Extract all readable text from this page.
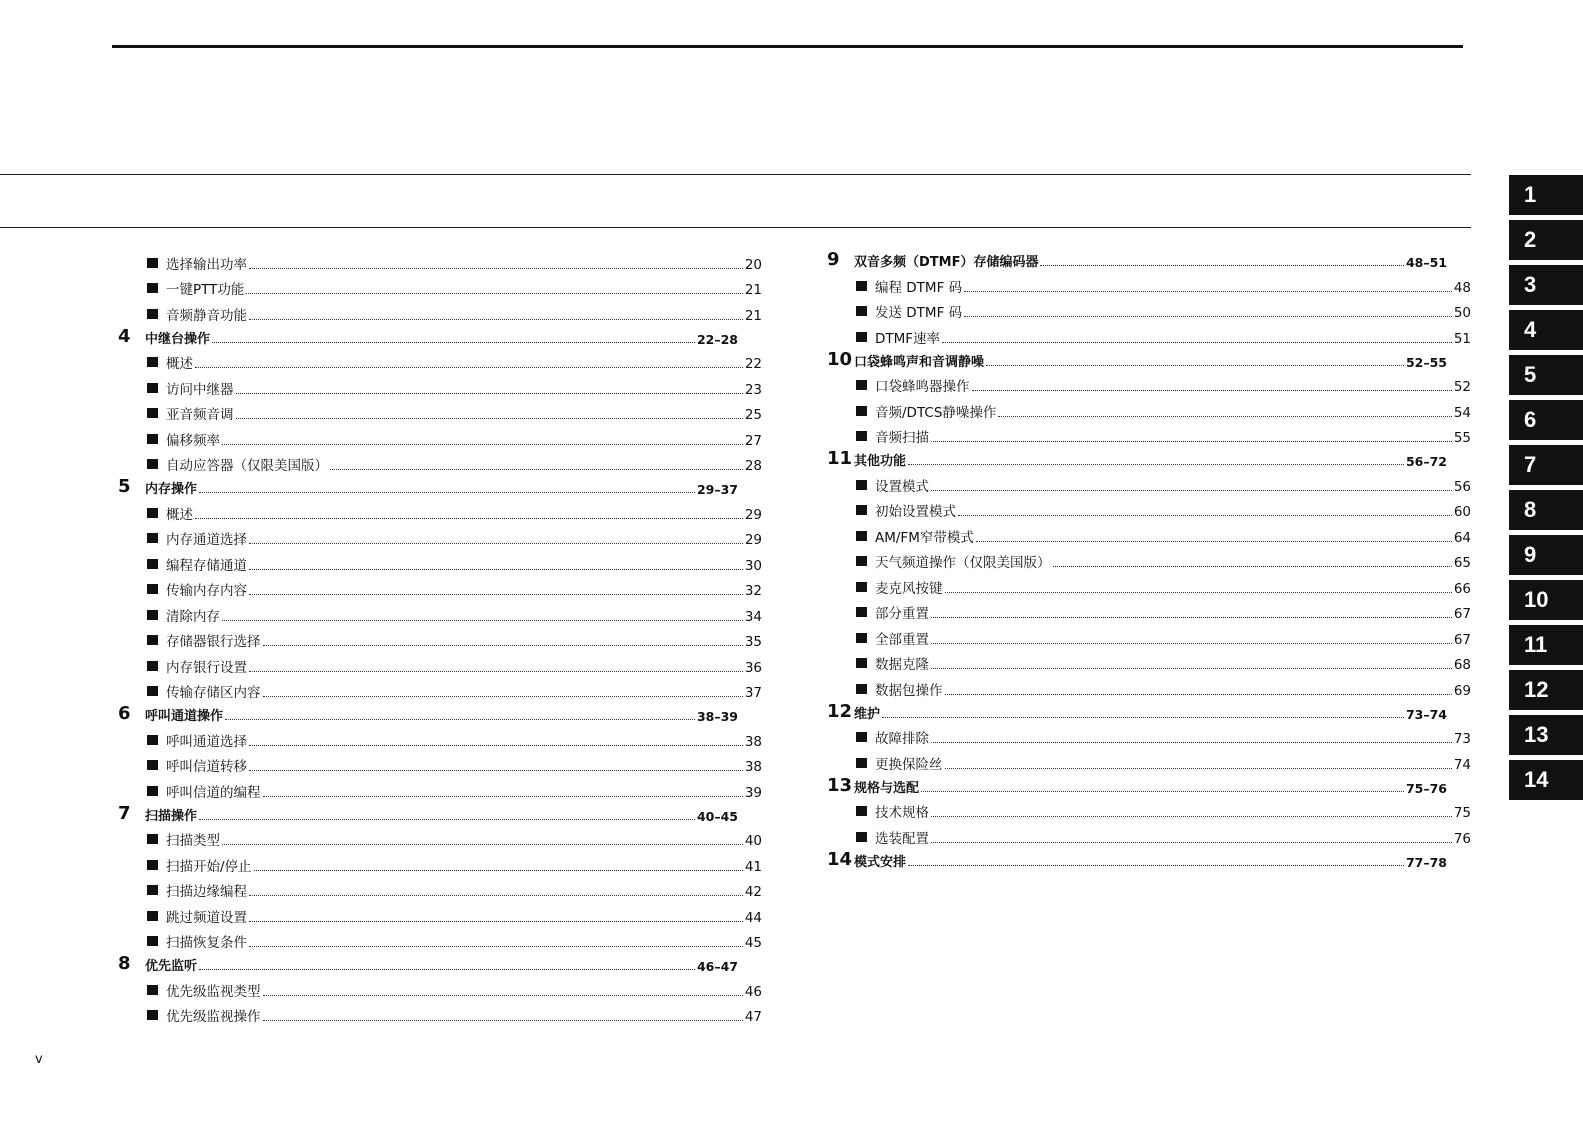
选择输出功率	20
一键PTT功能	21
音频静音功能	21
4	中继台操作	22–28
概述	22
访问中继器	23
亚音频音调	25
偏移频率	27
自动应答器（仅限美国版）	28
5	内存操作	29–37
概述	29
内存通道选择	29
编程存储通道	30
传输内存内容	32
清除内存	34
存储器银行选择	35
内存银行设置	36
传输存储区内容	37
6	呼叫通道操作	38–39
呼叫通道选择	38
呼叫信道转移	38
呼叫信道的编程	39
7	扫描操作	40–45
扫描类型	40
扫描开始/停止	41
扫描边缘编程	42
跳过频道设置	44
扫描恢复条件	45
8	优先监听	46–47
优先级监视类型	46
优先级监视操作	47
9	双音多频（DTMF）存储编码器	48–51
编程 DTMF 码	48
发送 DTMF 码	50
DTMF速率	51
10 口袋蜂鸣声和音调静噪	52–55
口袋蜂鸣器操作	52
音频/DTCS静噪操作	54
音频扫描	55
11 其他功能	56–72
设置模式	56
初始设置模式	60
AM/FM窄带模式	64
天气频道操作（仅限美国版）	65
麦克风按键	66
部分重置	67
全部重置	67
数据克隆	68
数据包操作	69
12 维护	73–74
故障排除	73
更换保险丝	74
13 规格与选配	75–76
技术规格	75
选装配置	76
14 模式安排	77–78
1
2
3
4
5
6
7
8
9
10
11
12
13
14
v
